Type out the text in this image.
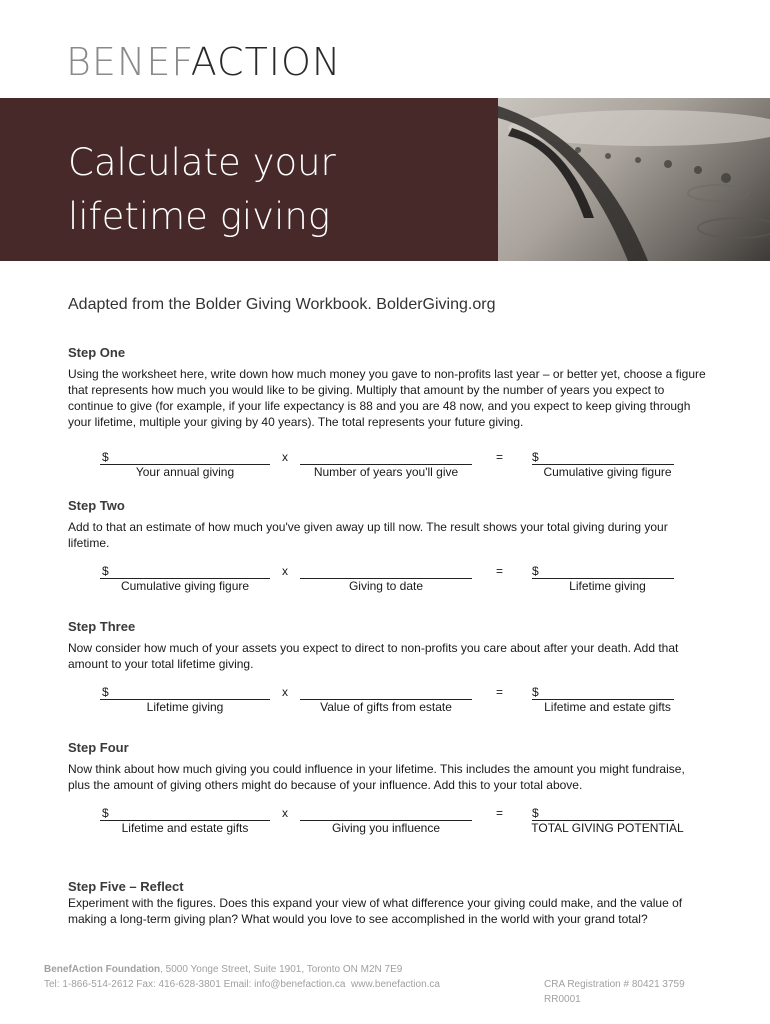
BENEFACTION
Calculate your
lifetime giving
Adapted from the Bolder Giving Workbook. BolderGiving.org

Step One

Using the worksheet here, write down how much money you gave to non-profits last year – or better yet, choose a figure that represents how much you would like to be giving. Multiply that amount by the number of years you expect to continue to give (for example, if your life expectancy is 88 and you are 48 now, and you expect to keep giving through your lifetime, multiple your giving by 40 years). The total represents your future giving.

$	x	= $
Your annual giving	Number of years you'll give	Cumulative giving figure

Step Two

Add to that an estimate of how much you've given away up till now. The result shows your total giving during your lifetime.

$	x	= $
Cumulative giving figure	Giving to date	Lifetime giving

Step Three

Now consider how much of your assets you expect to direct to non-profits you care about after your death. Add that amount to your total lifetime giving.

$	x	= $
Lifetime giving	Value of gifts from estate	Lifetime and estate gifts

Step Four

Now think about how much giving you could influence in your lifetime. This includes the amount you might fundraise, plus the amount of giving others might do because of your influence. Add this to your total above.

$	x	= $
Lifetime and estate gifts	Giving you influence	TOTAL GIVING POTENTIAL

Step Five – Reflect

Experiment with the figures. Does this expand your view of what difference your giving could make, and the value of making a long-term giving plan? What would you love to see accomplished in the world with your grand total?

BenefAction Foundation, 5000 Yonge Street, Suite 1901, Toronto ON M2N 7E9
Tel: 1-866-514-2612 Fax: 416-628-3801 Email: info@benefaction.ca www.benefaction.ca	CRA Registration # 80421 3759 RR0001
